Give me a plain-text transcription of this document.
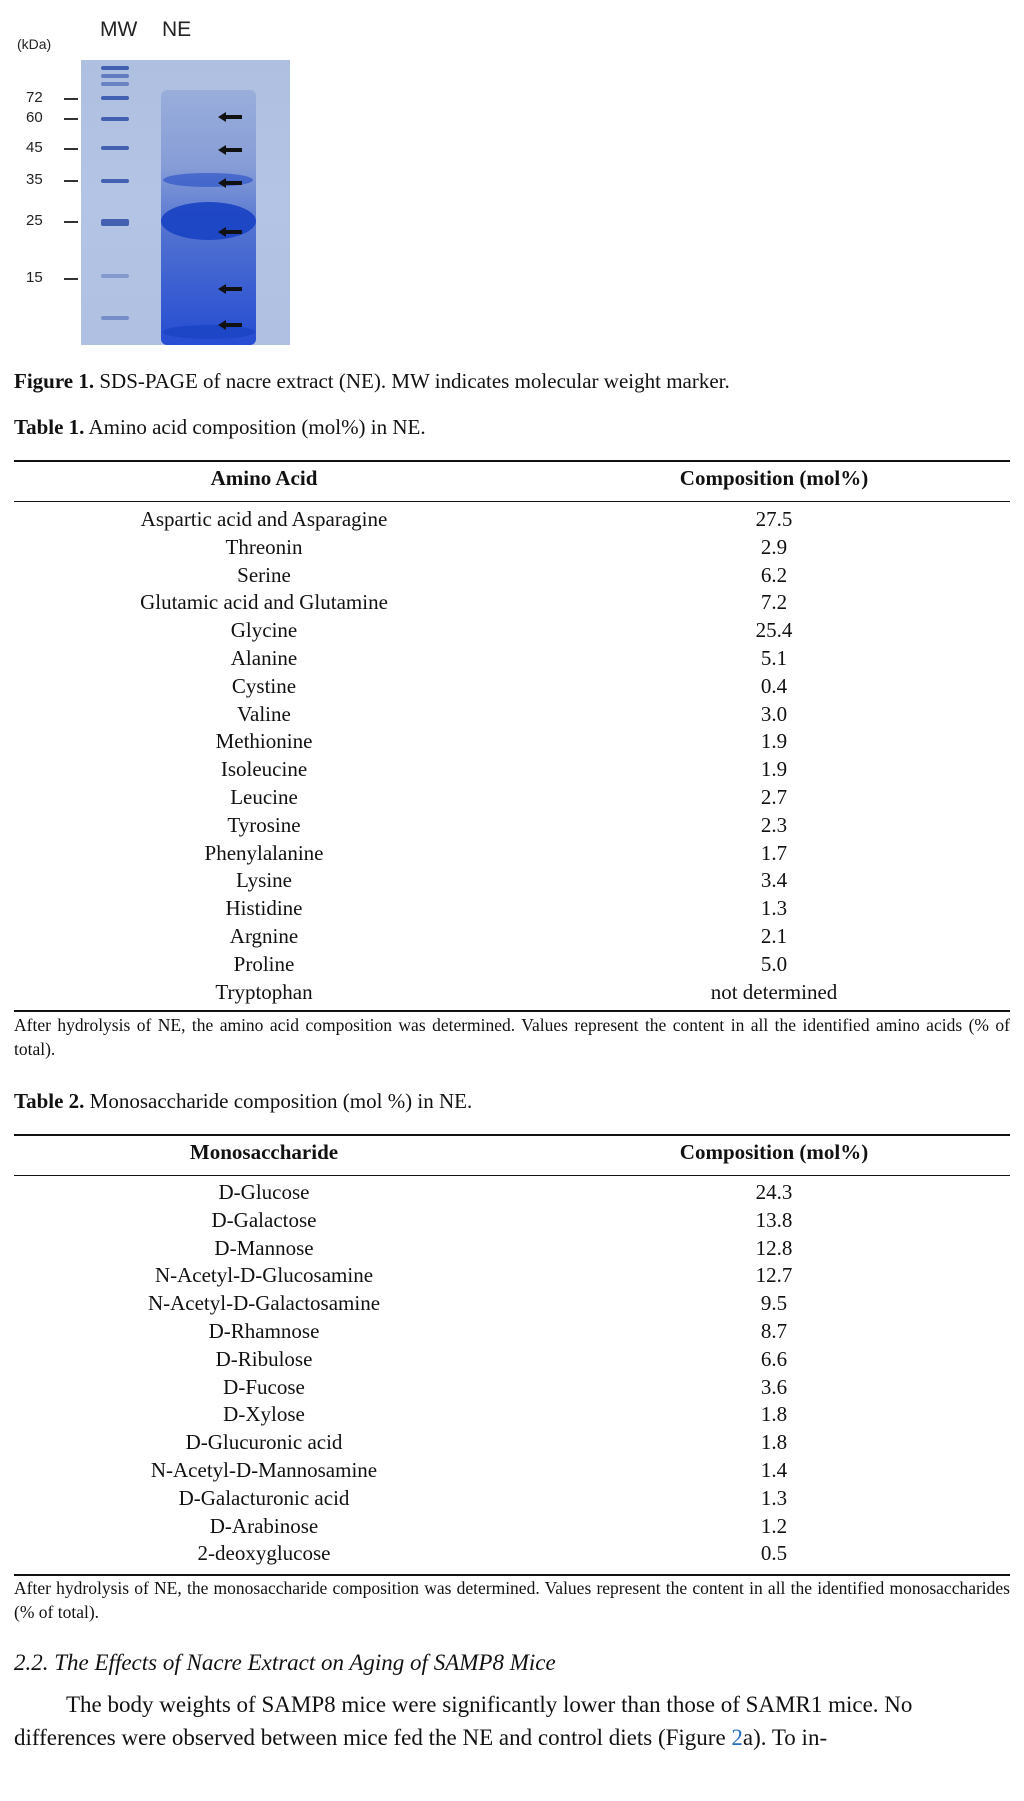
MW NE
(kDa)
72
60
45
35
25
15
Figure 1. SDS-PAGE of nacre extract (NE). MW indicates molecular weight marker.
Table 1. Amino acid composition (mol%) in NE.
Amino Acid	Composition (mol%)
Aspartic acid and Asparagine	27.5
Threonin	2.9
Serine	6.2
Glutamic acid and Glutamine	7.2
Glycine	25.4
Alanine	5.1
Cystine	0.4
Valine	3.0
Methionine	1.9
Isoleucine	1.9
Leucine	2.7
Tyrosine	2.3
Phenylalanine	1.7
Lysine	3.4
Histidine	1.3
Argnine	2.1
Proline	5.0
Tryptophan	not determined
After hydrolysis of NE, the amino acid composition was determined. Values represent the content in all the identified amino acids (% of total).
Table 2. Monosaccharide composition (mol %) in NE.
Monosaccharide	Composition (mol%)
D-Glucose	24.3
D-Galactose	13.8
D-Mannose	12.8
N-Acetyl-D-Glucosamine	12.7
N-Acetyl-D-Galactosamine	9.5
D-Rhamnose	8.7
D-Ribulose	6.6
D-Fucose	3.6
D-Xylose	1.8
D-Glucuronic acid	1.8
N-Acetyl-D-Mannosamine	1.4
D-Galacturonic acid	1.3
D-Arabinose	1.2
2-deoxyglucose	0.5
After hydrolysis of NE, the monosaccharide composition was determined. Values represent the content in all the identified monosaccharides (% of total).
2.2. The Effects of Nacre Extract on Aging of SAMP8 Mice
The body weights of SAMP8 mice were significantly lower than those of SAMR1 mice. No differences were observed between mice fed the NE and control diets (Figure 2a). To in-
